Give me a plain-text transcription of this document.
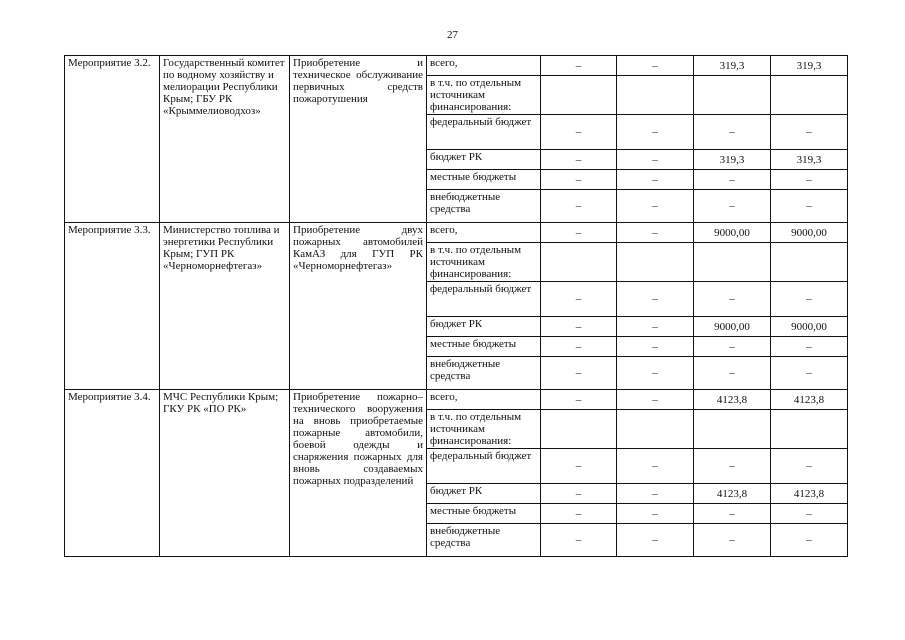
27
Мероприятие 3.2.	Государственный комитет по водному хозяйству и мелиорации Республики Крым; ГБУ РК «Крыммелиоводхоз»	Приобретение и техническое обслуживание первичных средств пожаротушения	всего,	–	–	319,3	319,3
			в т.ч. по отдельным источникам финансирования:				
			федеральный бюджет	–	–	–	–
			бюджет РК	–	–	319,3	319,3
			местные бюджеты	–	–	–	–
			внебюджетные средства	–	–	–	–
Мероприятие 3.3.	Министерство топлива и энергетики Республики Крым; ГУП РК «Черноморнефтегаз»	Приобретение двух пожарных автомобилей КамАЗ для ГУП РК «Черноморнефтегаз»	всего,	–	–	9000,00	9000,00
			в т.ч. по отдельным источникам финансирования:				
			федеральный бюджет	–	–	–	–
			бюджет РК	–	–	9000,00	9000,00
			местные бюджеты	–	–	–	–
			внебюджетные средства	–	–	–	–
Мероприятие 3.4.	МЧС Республики Крым; ГКУ РК «ПО РК»	Приобретение пожарно–технического вооружения на вновь приобретаемые пожарные автомобили, боевой одежды и снаряжения пожарных для вновь создаваемых пожарных подразделений	всего,	–	–	4123,8	4123,8
			в т.ч. по отдельным источникам финансирования:				
			федеральный бюджет	–	–	–	–
			бюджет РК	–	–	4123,8	4123,8
			местные бюджеты	–	–	–	–
			внебюджетные средства	–	–	–	–
